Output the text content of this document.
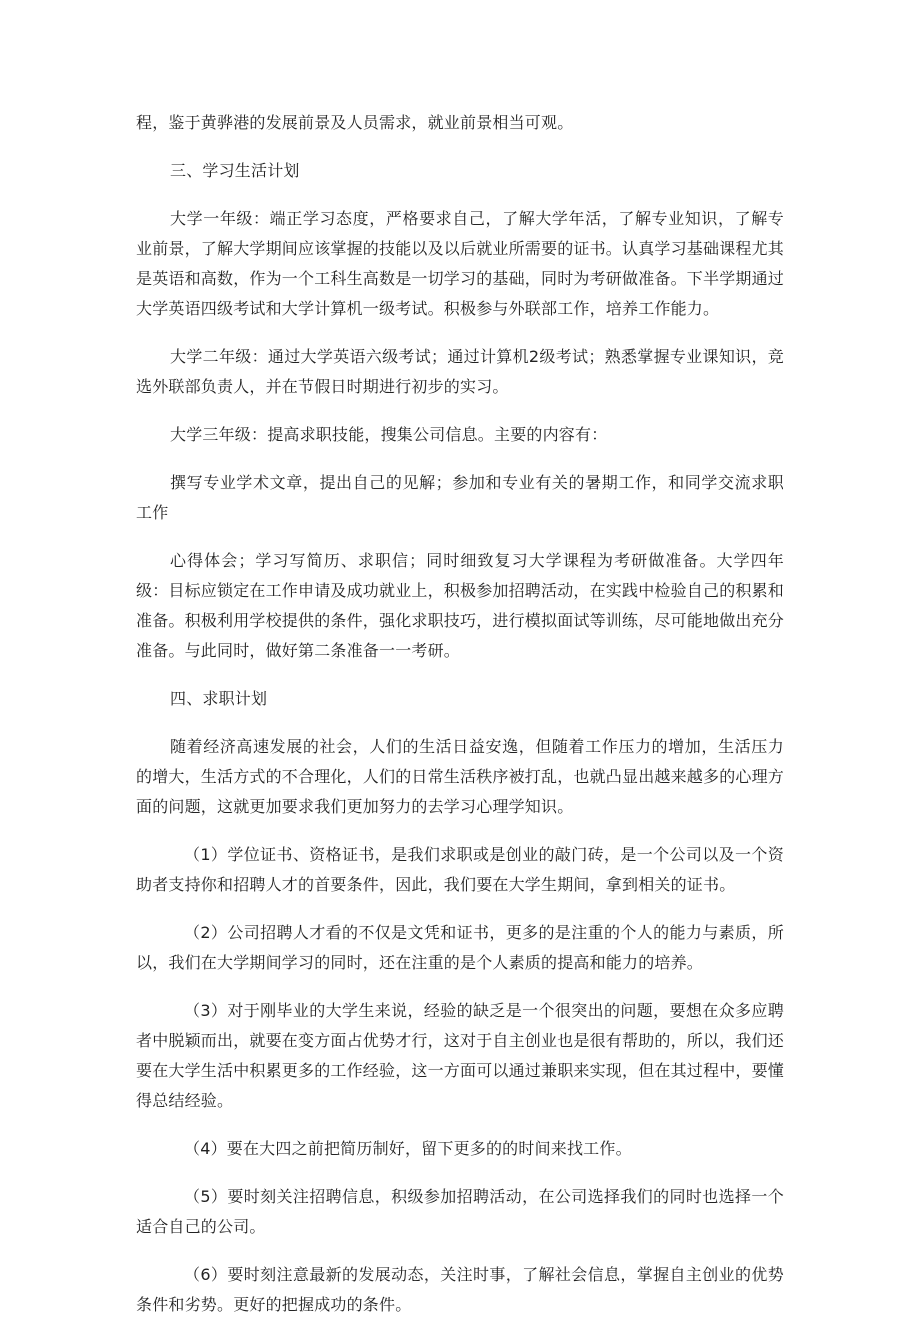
程，鉴于黄骅港的发展前景及人员需求，就业前景相当可观。

三、学习生活计划

大学一年级：端正学习态度，严格要求自己，了解大学年活，了解专业知识，了解专业前景，了解大学期间应该掌握的技能以及以后就业所需要的证书。认真学习基础课程尤其是英语和高数，作为一个工科生高数是一切学习的基础，同时为考研做准备。下半学期通过大学英语四级考试和大学计算机一级考试。积极参与外联部工作，培养工作能力。

大学二年级：通过大学英语六级考试；通过计算机2级考试；熟悉掌握专业课知识，竞选外联部负责人，并在节假日时期进行初步的实习。

大学三年级：提高求职技能，搜集公司信息。主要的内容有：

撰写专业学术文章，提出自己的见解；参加和专业有关的暑期工作，和同学交流求职工作

心得体会；学习写简历、求职信；同时细致复习大学课程为考研做准备。大学四年级：目标应锁定在工作申请及成功就业上，积极参加招聘活动，在实践中检验自己的积累和准备。积极利用学校提供的条件，强化求职技巧，进行模拟面试等训练，尽可能地做出充分准备。与此同时，做好第二条准备一一考研。

四、求职计划

随着经济高速发展的社会，人们的生活日益安逸，但随着工作压力的增加，生活压力的增大，生活方式的不合理化，人们的日常生活秩序被打乱，也就凸显出越来越多的心理方面的问题，这就更加要求我们更加努力的去学习心理学知识。

（1）学位证书、资格证书，是我们求职或是创业的敲门砖，是一个公司以及一个资助者支持你和招聘人才的首要条件，因此，我们要在大学生期间，拿到相关的证书。

（2）公司招聘人才看的不仅是文凭和证书，更多的是注重的个人的能力与素质，所以，我们在大学期间学习的同时，还在注重的是个人素质的提高和能力的培养。

（3）对于刚毕业的大学生来说，经验的缺乏是一个很突出的问题，要想在众多应聘者中脱颖而出，就要在变方面占优势才行，这对于自主创业也是很有帮助的，所以，我们还要在大学生活中积累更多的工作经验，这一方面可以通过兼职来实现，但在其过程中，要懂得总结经验。

（4）要在大四之前把简历制好，留下更多的的时间来找工作。

（5）要时刻关注招聘信息，积级参加招聘活动，在公司选择我们的同时也选择一个适合自己的公司。

（6）要时刻注意最新的发展动态，关注时事，了解社会信息，掌握自主创业的优势条件和劣势。更好的把握成功的条件。
